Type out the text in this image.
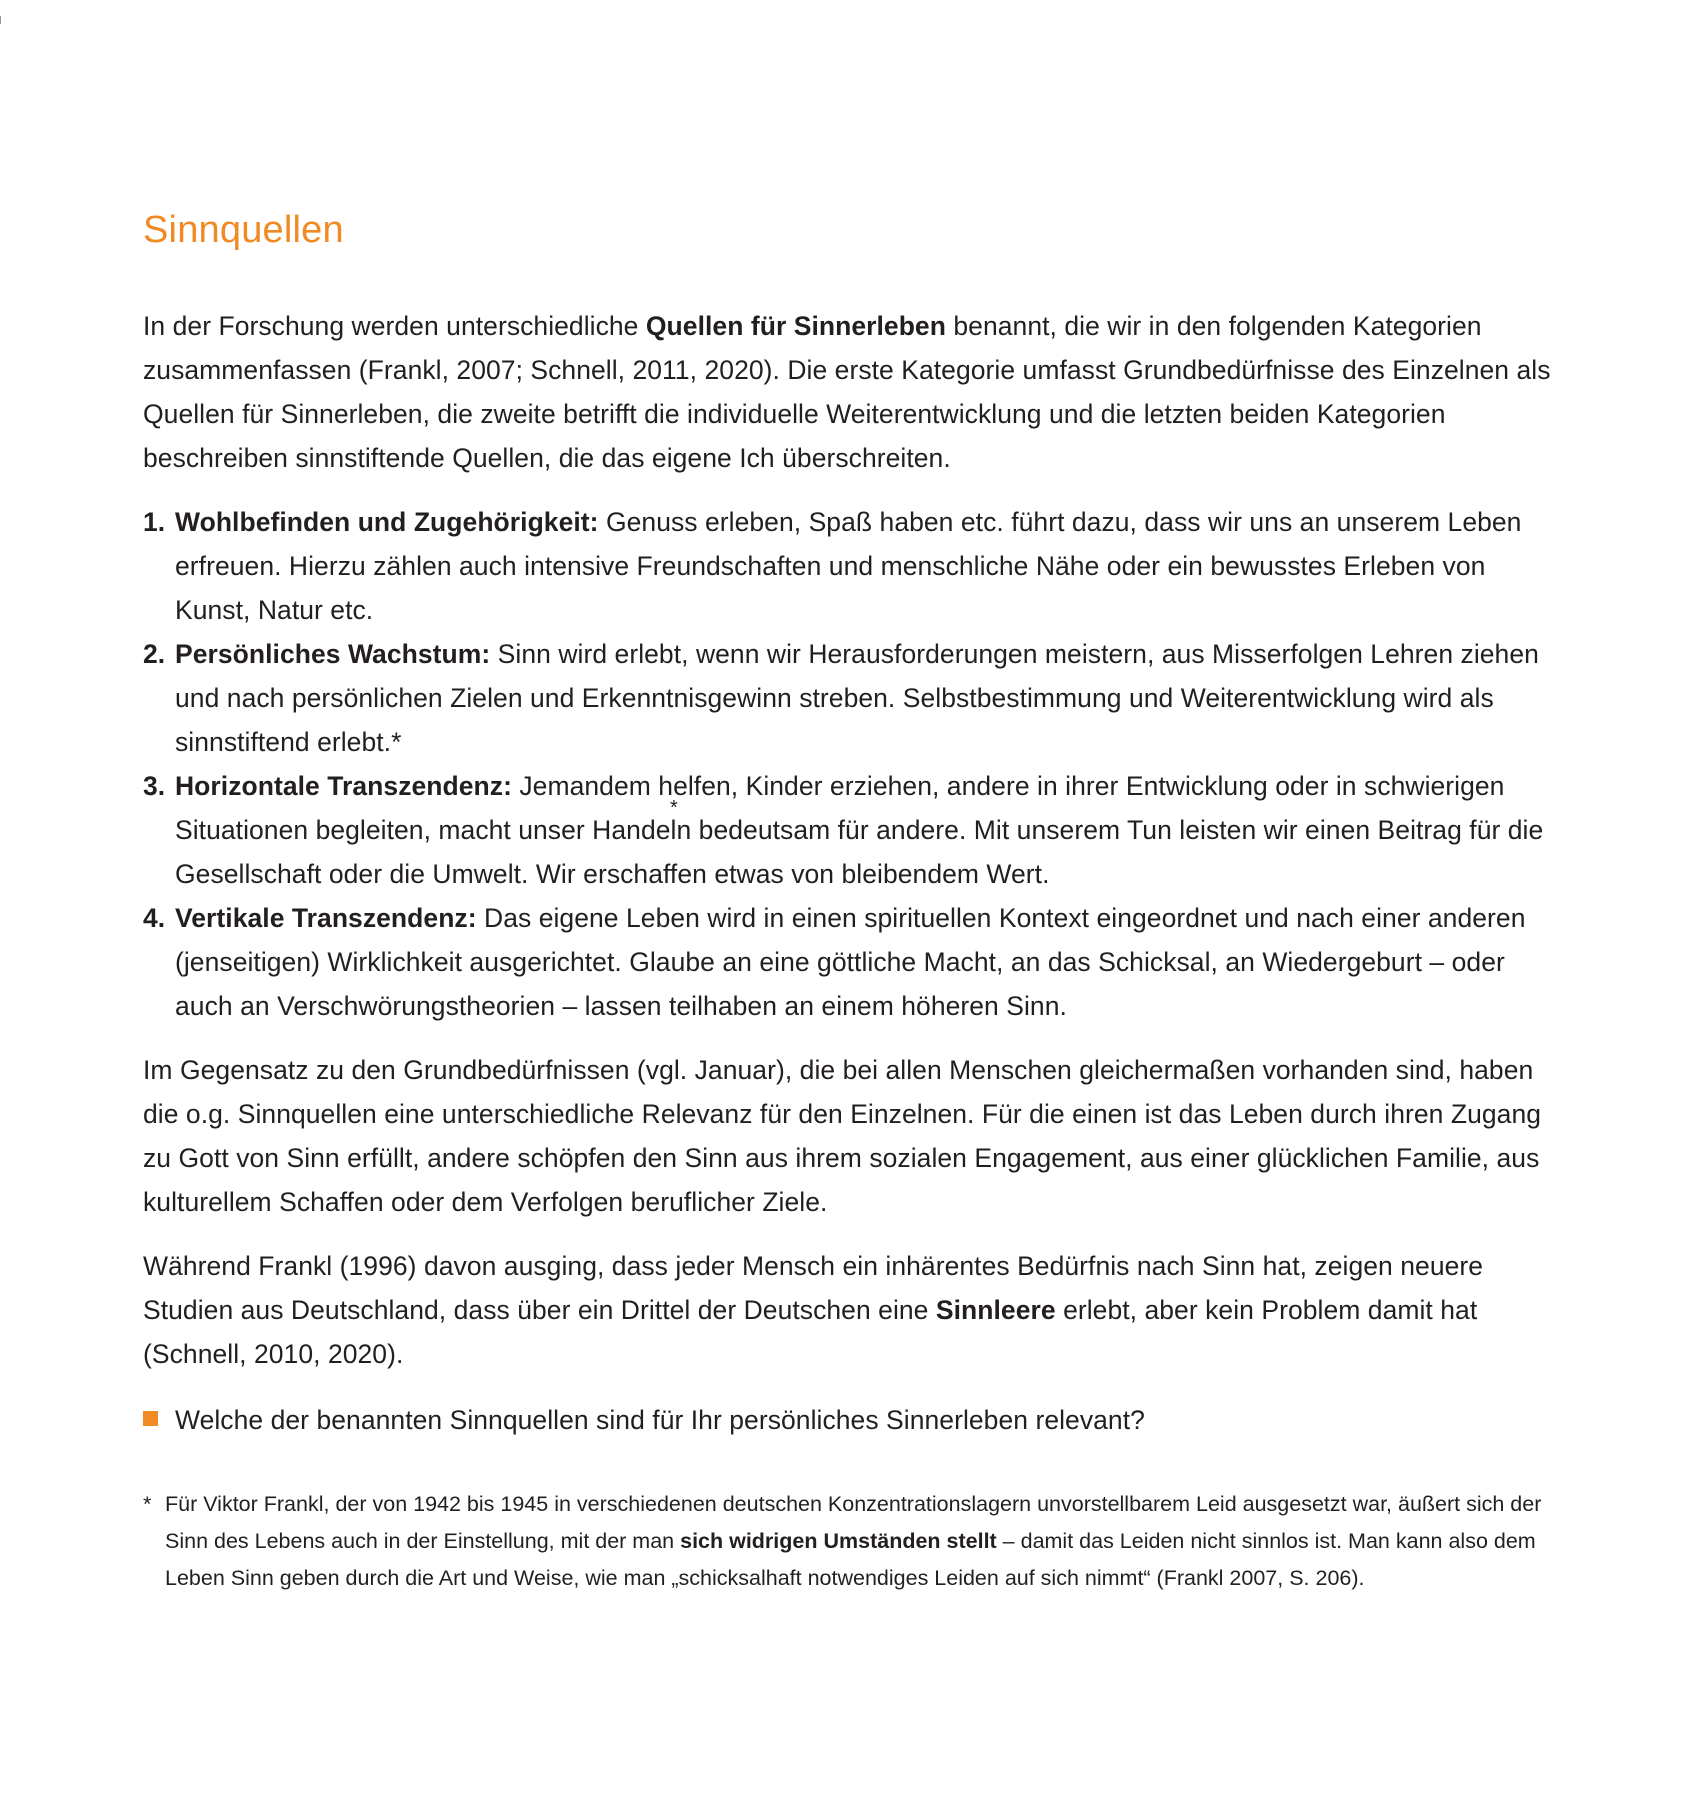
Sinnquellen

In der Forschung werden unterschiedliche Quellen für Sinnerleben benannt, die wir in den folgenden Kategorien zusammenfassen (Frankl, 2007; Schnell, 2011, 2020). Die erste Kategorie umfasst Grundbedürfnisse des Einzelnen als Quellen für Sinnerleben, die zweite betrifft die individuelle Weiterentwicklung und die letzten beiden Kategorien beschreiben sinnstiftende Quellen, die das eigene Ich überschreiten.

1. Wohlbefinden und Zugehörigkeit: Genuss erleben, Spaß haben etc. führt dazu, dass wir uns an unserem Leben erfreuen. Hierzu zählen auch intensive Freundschaften und menschliche Nähe oder ein bewusstes Erleben von Kunst, Natur etc.
2. Persönliches Wachstum: Sinn wird erlebt, wenn wir Herausforderungen meistern, aus Misserfolgen Lehren ziehen und nach persönlichen Zielen und Erkenntnisgewinn streben. Selbstbestimmung und Weiterentwicklung wird als sinnstiftend erlebt.*
3. Horizontale Transzendenz: Jemandem helfen, Kinder erziehen, andere in ihrer Entwicklung oder in schwierigen Situationen begleiten, macht unser Handeln bedeutsam für andere. Mit unserem Tun leisten wir einen Beitrag für die Gesellschaft oder die Umwelt. Wir erschaffen etwas von bleibendem Wert.
4. Vertikale Transzendenz: Das eigene Leben wird in einen spirituellen Kontext eingeordnet und nach einer anderen (jenseitigen) Wirklichkeit ausgerichtet. Glaube an eine göttliche Macht, an das Schicksal, an Wiedergeburt – oder auch an Verschwörungstheorien – lassen teilhaben an einem höheren Sinn.

Im Gegensatz zu den Grundbedürfnissen (vgl. Januar), die bei allen Menschen gleichermaßen vorhanden sind, haben die o.g. Sinnquellen eine unterschiedliche Relevanz für den Einzelnen. Für die einen ist das Leben durch ihren Zugang zu Gott von Sinn erfüllt, andere schöpfen den Sinn aus ihrem sozialen Engagement, aus einer glücklichen Familie, aus kulturellem Schaffen oder dem Verfolgen beruflicher Ziele.

Während Frankl (1996) davon ausging, dass jeder Mensch ein inhärentes Bedürfnis nach Sinn hat, zeigen neuere Studien aus Deutschland, dass über ein Drittel der Deutschen eine Sinnleere erlebt, aber kein Problem damit hat (Schnell, 2010, 2020).

Welche der benannten Sinnquellen sind für Ihr persönliches Sinnerleben relevant?

* Für Viktor Frankl, der von 1942 bis 1945 in verschiedenen deutschen Konzentrationslagern unvorstellbarem Leid ausgesetzt war, äußert sich der Sinn des Lebens auch in der Einstellung, mit der man sich widrigen Umständen stellt – damit das Leiden nicht sinnlos ist. Man kann also dem Leben Sinn geben durch die Art und Weise, wie man „schicksalhaft notwendiges Leiden auf sich nimmt“ (Frankl 2007, S. 206).

*
